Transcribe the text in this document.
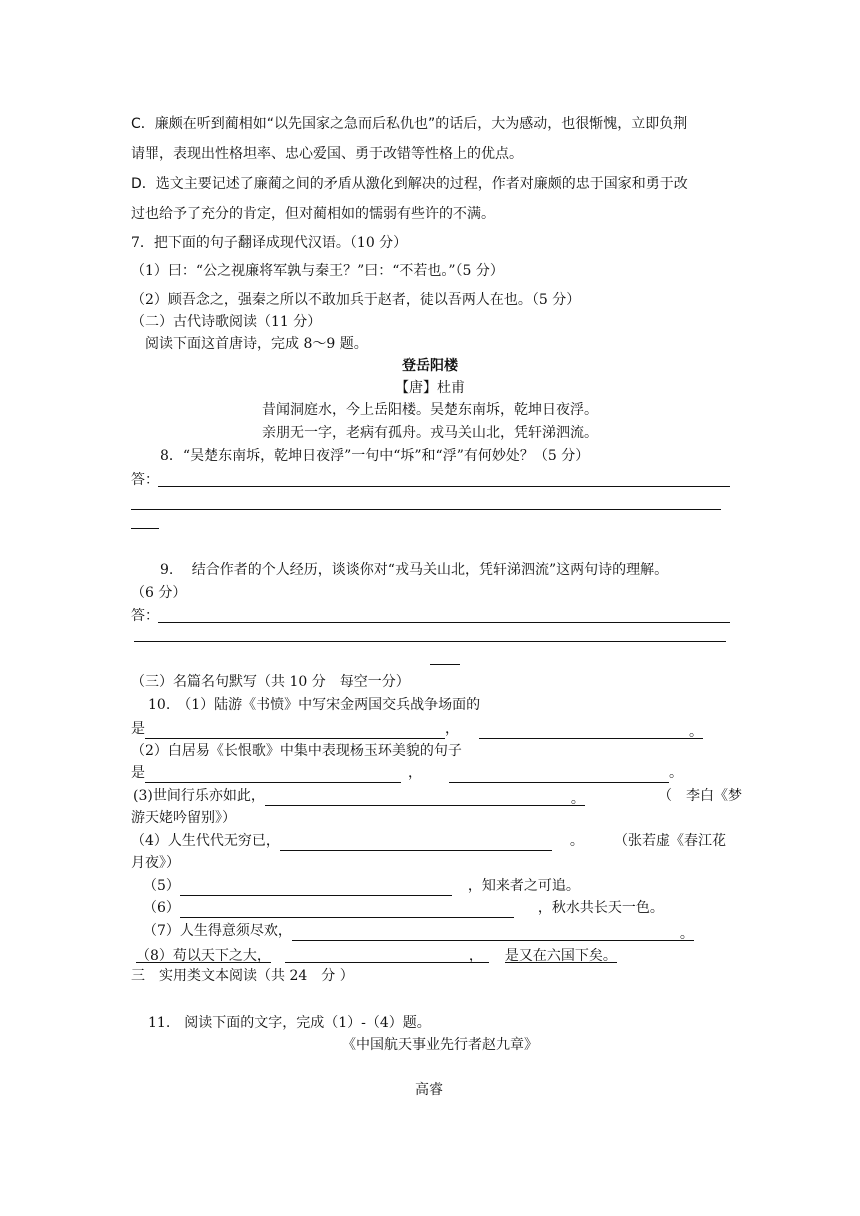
C．廉颇在听到蔺相如“以先国家之急而后私仇也”的话后，大为感动，也很惭愧，立即负荆
请罪，表现出性格坦率、忠心爱国、勇于改错等性格上的优点。
D．选文主要记述了廉蔺之间的矛盾从激化到解决的过程，作者对廉颇的忠于国家和勇于改
过也给予了充分的肯定，但对蔺相如的懦弱有些许的不满。
7．把下面的句子翻译成现代汉语。（10 分）
（1）曰：“公之视廉将军孰与秦王？”曰：“不若也。”（5 分）
（2）顾吾念之，强秦之所以不敢加兵于赵者，徒以吾两人在也。（5 分）
（二）古代诗歌阅读（11 分）
阅读下面这首唐诗，完成 8～9 题。
登岳阳楼
【唐】杜甫
昔闻洞庭水，今上岳阳楼。吴楚东南坼，乾坤日夜浮。
亲朋无一字，老病有孤舟。戎马关山北，凭轩涕泗流。
8．“吴楚东南坼，乾坤日夜浮”一句中“坼”和“浮”有何妙处？（5 分）
答：
9.　 结合作者的个人经历，谈谈你对“戎马关山北，凭轩涕泗流”这两句诗的理解。
（6 分）
答：
（三）名篇名句默写（共 10 分　每空一分）
10.　（1）陆游《书愤》中写宋金两国交兵战争场面的
是	，	。
（2）白居易《长恨歌》中集中表现杨玉环美貌的句子
是	，	。
(3)世间行乐亦如此，	。	（　李白《梦
游天姥吟留别》）
（4）人生代代无穷已，	。 （张若虚《春江花
月夜》）
（5）	，知来者之可追。
（6）	，秋水共长天一色。
（7）人生得意须尽欢，	。
（8）苟以天下之大，	， 是又在六国下矣。
三　实用类文本阅读（共 24　分 ）
11.　阅读下面的文字，完成（1）-（4）题。
《中国航天事业先行者赵九章》
高睿
